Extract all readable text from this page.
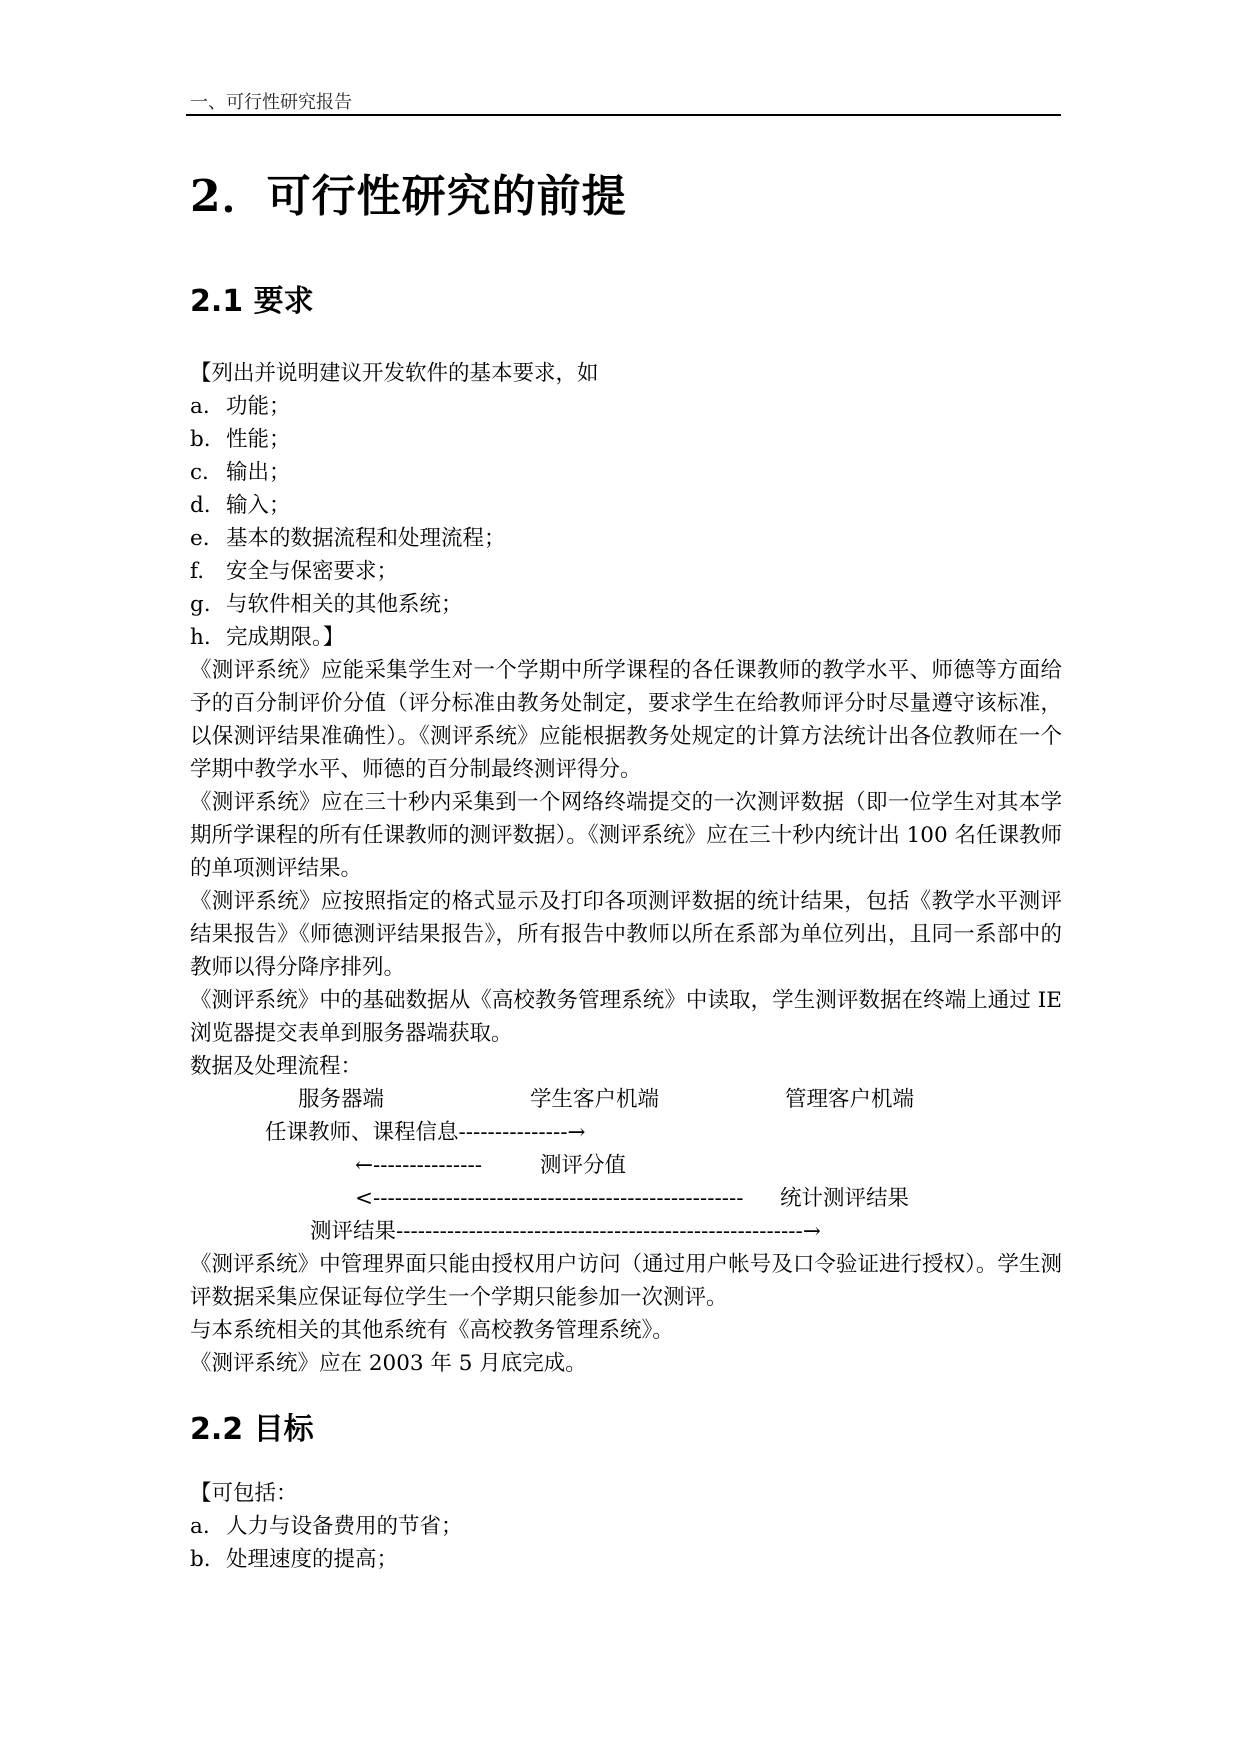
一、可行性研究报告
2．可行性研究的前提
2.1 要求
【列出并说明建议开发软件的基本要求，如
a. 功能；
b. 性能；
c. 输出；
d. 输入；
e. 基本的数据流程和处理流程；
f. 安全与保密要求；
g. 与软件相关的其他系统；
h. 完成期限。】
《测评系统》应能采集学生对一个学期中所学课程的各任课教师的教学水平、师德等方面给予的百分制评价分值（评分标准由教务处制定，要求学生在给教师评分时尽量遵守该标准，以保测评结果准确性）。《测评系统》应能根据教务处规定的计算方法统计出各位教师在一个学期中教学水平、师德的百分制最终测评得分。
《测评系统》应在三十秒内采集到一个网络终端提交的一次测评数据（即一位学生对其本学期所学课程的所有任课教师的测评数据）。《测评系统》应在三十秒内统计出 100 名任课教师的单项测评结果。
《测评系统》应按照指定的格式显示及打印各项测评数据的统计结果，包括《教学水平测评结果报告》《师德测评结果报告》，所有报告中教师以所在系部为单位列出，且同一系部中的教师以得分降序排列。
《测评系统》中的基础数据从《高校教务管理系统》中读取，学生测评数据在终端上通过 IE 浏览器提交表单到服务器端获取。
数据及处理流程：
服务器端	学生客户机端	管理客户机端
任课教师、课程信息---------------→
←---------------	测评分值
<--------------------------------------------------- 统计测评结果
测评结果--------------------------------------------------------→
《测评系统》中管理界面只能由授权用户访问（通过用户帐号及口令验证进行授权）。学生测评数据采集应保证每位学生一个学期只能参加一次测评。
与本系统相关的其他系统有《高校教务管理系统》。
《测评系统》应在 2003 年 5 月底完成。
2.2 目标
【可包括：
a. 人力与设备费用的节省；
b. 处理速度的提高；
